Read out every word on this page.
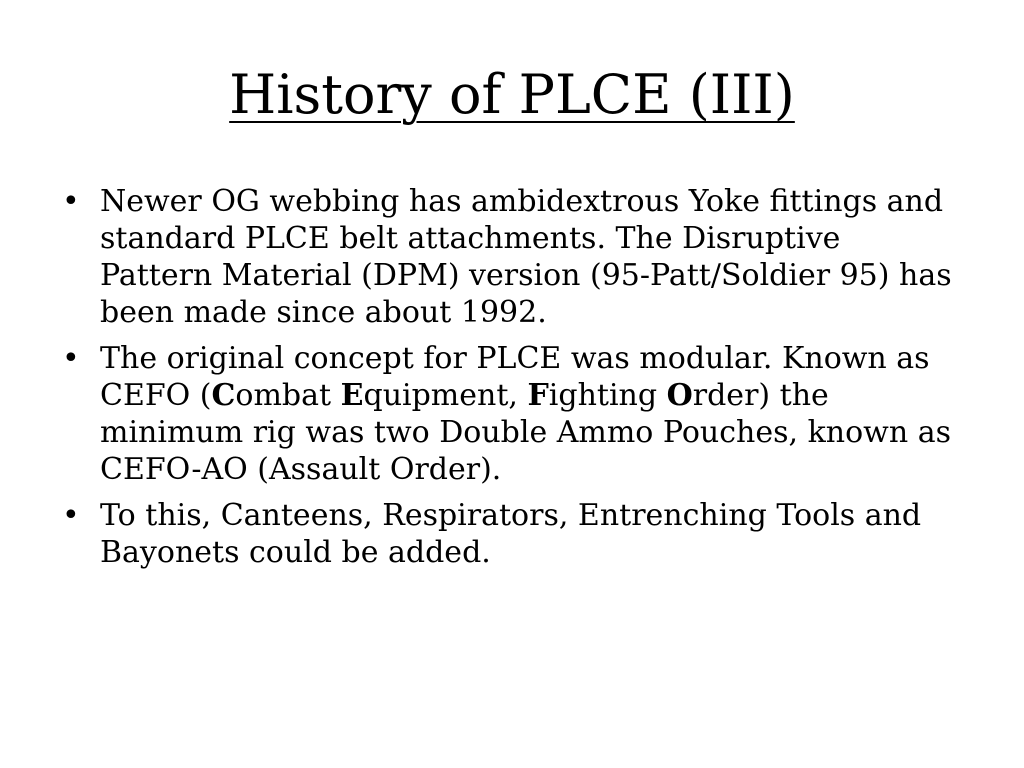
History of PLCE (III)
• Newer OG webbing has ambidextrous Yoke fittings and standard PLCE belt attachments. The Disruptive Pattern Material (DPM) version (95-Patt/Soldier 95) has been made since about 1992.
• The original concept for PLCE was modular. Known as CEFO (Combat Equipment, Fighting Order) the minimum rig was two Double Ammo Pouches, known as CEFO-AO (Assault Order).
• To this, Canteens, Respirators, Entrenching Tools and Bayonets could be added.
